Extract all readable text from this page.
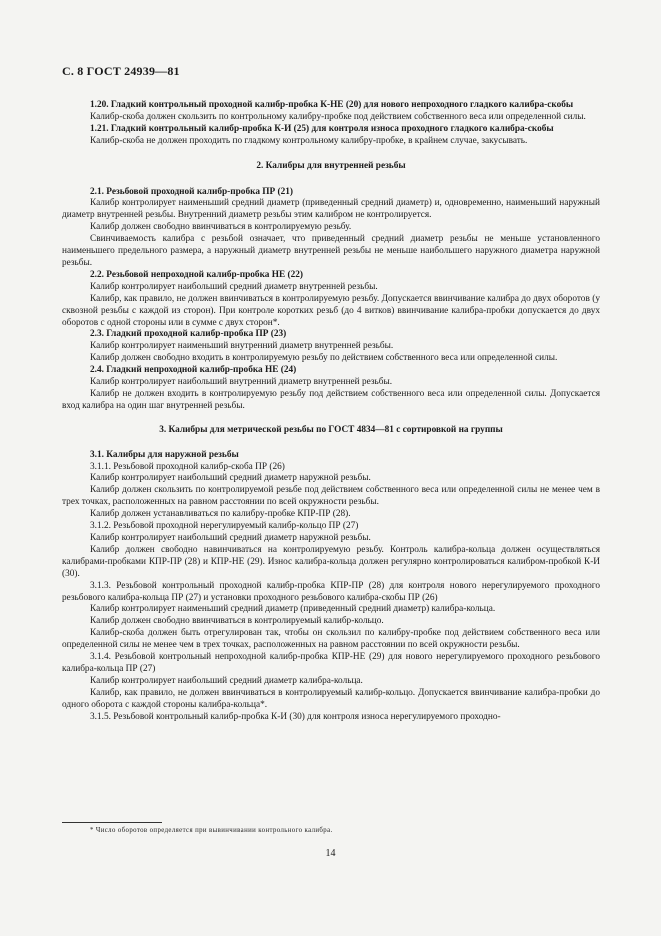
С. 8 ГОСТ 24939—81

1.20. Гладкий контрольный проходной калибр-пробка К-НЕ (20) для нового непроходного гладкого калибра-скобы

Калибр-скоба должен скользить по контрольному калибру-пробке под действием собственного веса или определенной силы.

1.21. Гладкий контрольный калибр-пробка К-И (25) для контроля износа проходного гладкого калибра-скобы

Калибр-скоба не должен проходить по гладкому контрольному калибру-пробке, в крайнем случае, закусывать.

2. Калибры для внутренней резьбы

2.1. Резьбовой проходной калибр-пробка ПР (21)

Калибр контролирует наименьший средний диаметр (приведенный средний диаметр) и, одновременно, наименьший наружный диаметр внутренней резьбы. Внутренний диаметр резьбы этим калибром не контролируется.

Калибр должен свободно ввинчиваться в контролируемую резьбу.

Свинчиваемость калибра с резьбой означает, что приведенный средний диаметр резьбы не меньше установленного наименьшего предельного размера, а наружный диаметр внутренней резьбы не меньше наибольшего наружного диаметра наружной резьбы.

2.2. Резьбовой непроходной калибр-пробка НЕ (22)

Калибр контролирует наибольший средний диаметр внутренней резьбы.

Калибр, как правило, не должен ввинчиваться в контролируемую резьбу. Допускается ввинчивание калибра до двух оборотов (у сквозной резьбы с каждой из сторон). При контроле коротких резьб (до 4 витков) ввинчивание калибра-пробки допускается до двух оборотов с одной стороны или в сумме с двух сторон*.

2.3. Гладкий проходной калибр-пробка ПР (23)

Калибр контролирует наименьший внутренний диаметр внутренней резьбы.

Калибр должен свободно входить в контролируемую резьбу по действием собственного веса или определенной силы.

2.4. Гладкий непроходной калибр-пробка НЕ (24)

Калибр контролирует наибольший внутренний диаметр внутренней резьбы.

Калибр не должен входить в контролируемую резьбу под действием собственного веса или определенной силы. Допускается вход калибра на один шаг внутренней резьбы.

3. Калибры для метрической резьбы по ГОСТ 4834—81 с сортировкой на группы

3.1. Калибры для наружной резьбы

3.1.1. Резьбовой проходной калибр-скоба ПР (26)

Калибр контролирует наибольший средний диаметр наружной резьбы.

Калибр должен скользить по контролируемой резьбе под действием собственного веса или определенной силы не менее чем в трех точках, расположенных на равном расстоянии по всей окружности резьбы.

Калибр должен устанавливаться по калибру-пробке КПР-ПР (28).

3.1.2. Резьбовой проходной нерегулируемый калибр-кольцо ПР (27)

Калибр контролирует наибольший средний диаметр наружной резьбы.

Калибр должен свободно навинчиваться на контролируемую резьбу. Контроль калибра-кольца должен осуществляться калибрами-пробками КПР-ПР (28) и КПР-НЕ (29). Износ калибра-кольца должен регулярно контролироваться калибром-пробкой К-И (30).

3.1.3. Резьбовой контрольный проходной калибр-пробка КПР-ПР (28) для контроля нового нерегулируемого проходного резьбового калибра-кольца ПР (27) и установки проходного резьбового калибра-скобы ПР (26)

Калибр контролирует наименьший средний диаметр (приведенный средний диаметр) калибра-кольца.

Калибр должен свободно ввинчиваться в контролируемый калибр-кольцо.

Калибр-скоба должен быть отрегулирован так, чтобы он скользил по калибру-пробке под действием собственного веса или определенной силы не менее чем в трех точках, расположенных на равном расстоянии по всей окружности резьбы.

3.1.4. Резьбовой контрольный непроходной калибр-пробка КПР-НЕ (29) для нового нерегулируемого проходного резьбового калибра-кольца ПР (27)

Калибр контролирует наибольший средний диаметр калибра-кольца.

Калибр, как правило, не должен ввинчиваться в контролируемый калибр-кольцо. Допускается ввинчивание калибра-пробки до одного оборота с каждой стороны калибра-кольца*.

3.1.5. Резьбовой контрольный калибр-пробка К-И (30) для контроля износа нерегулируемого проходно-

* Число оборотов определяется при вывинчивании контрольного калибра.
14
